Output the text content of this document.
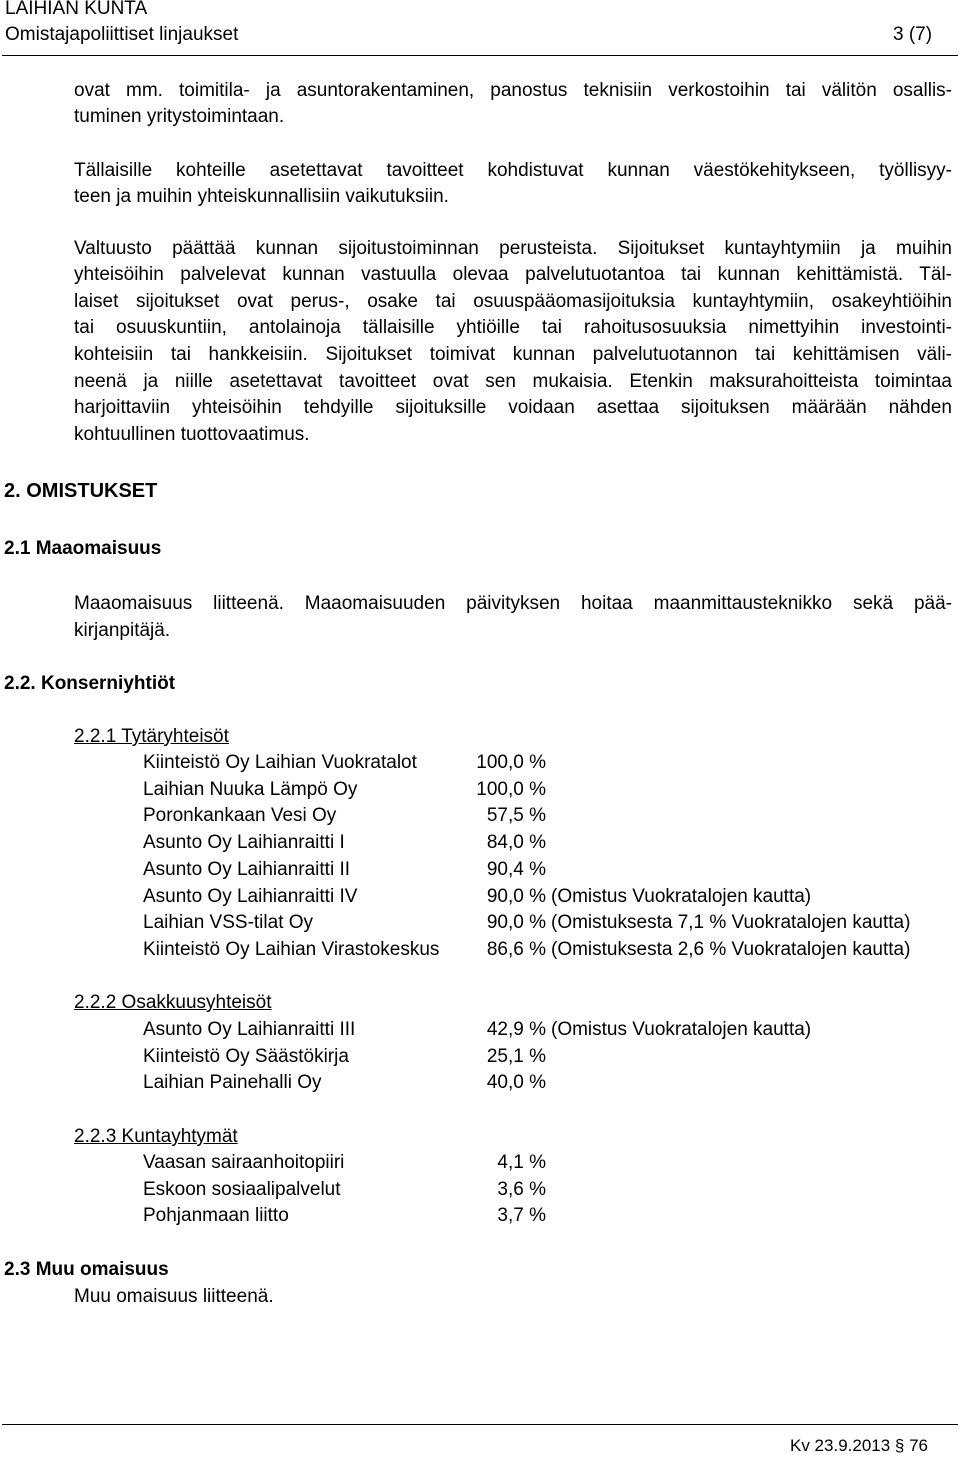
LAIHIAN KUNTA
Omistajapoliittiset linjaukset	3 (7)
ovat mm. toimitila- ja asuntorakentaminen, panostus teknisiin verkostoihin tai välitön osallis-
tuminen yritystoimintaan.
Tällaisille kohteille asetettavat tavoitteet kohdistuvat kunnan väestökehitykseen, työllisyy-
teen ja muihin yhteiskunnallisiin vaikutuksiin.
Valtuusto päättää kunnan sijoitustoiminnan perusteista. Sijoitukset kuntayhtymiin ja muihin
yhteisöihin palvelevat kunnan vastuulla olevaa palvelutuotantoa tai kunnan kehittämistä. Täl-
laiset sijoitukset ovat perus-, osake tai osuuspääomasijoituksia kuntayhtymiin, osakeyhtiöihin
tai osuuskuntiin, antolainoja tällaisille yhtiöille tai rahoitusosuuksia nimettyihin investointi-
kohteisiin tai hankkeisiin. Sijoitukset toimivat kunnan palvelutuotannon tai kehittämisen väli-
neenä ja niille asetettavat tavoitteet ovat sen mukaisia. Etenkin maksurahoitteista toimintaa
harjoittaviin yhteisöihin tehdyille sijoituksille voidaan asettaa sijoituksen määrään nähden
kohtuullinen tuottovaatimus.
2. OMISTUKSET
2.1 Maaomaisuus
Maaomaisuus liitteenä. Maaomaisuuden päivityksen hoitaa maanmittausteknikko sekä pää-
kirjanpitäjä.
2.2. Konserniyhtiöt
2.2.1 Tytäryhteisöt
Kiinteistö Oy Laihian Vuokratalot	100,0 %
Laihian Nuuka Lämpö Oy	100,0 %
Poronkankaan Vesi Oy	57,5 %
Asunto Oy Laihianraitti I	84,0 %
Asunto Oy Laihianraitti II	90,4 %
Asunto Oy Laihianraitti IV	90,0 % (Omistus Vuokratalojen kautta)
Laihian VSS-tilat Oy	90,0 % (Omistuksesta 7,1 % Vuokratalojen kautta)
Kiinteistö Oy Laihian Virastokeskus	86,6 % (Omistuksesta 2,6 % Vuokratalojen kautta)
2.2.2 Osakkuusyhteisöt
Asunto Oy Laihianraitti III	42,9 % (Omistus Vuokratalojen kautta)
Kiinteistö Oy Säästökirja	25,1 %
Laihian Painehalli Oy	40,0 %
2.2.3 Kuntayhtymät
Vaasan sairaanhoitopiiri	4,1 %
Eskoon sosiaalipalvelut	3,6 %
Pohjanmaan liitto	3,7 %
2.3 Muu omaisuus
Muu omaisuus liitteenä.
Kv 23.9.2013 § 76
